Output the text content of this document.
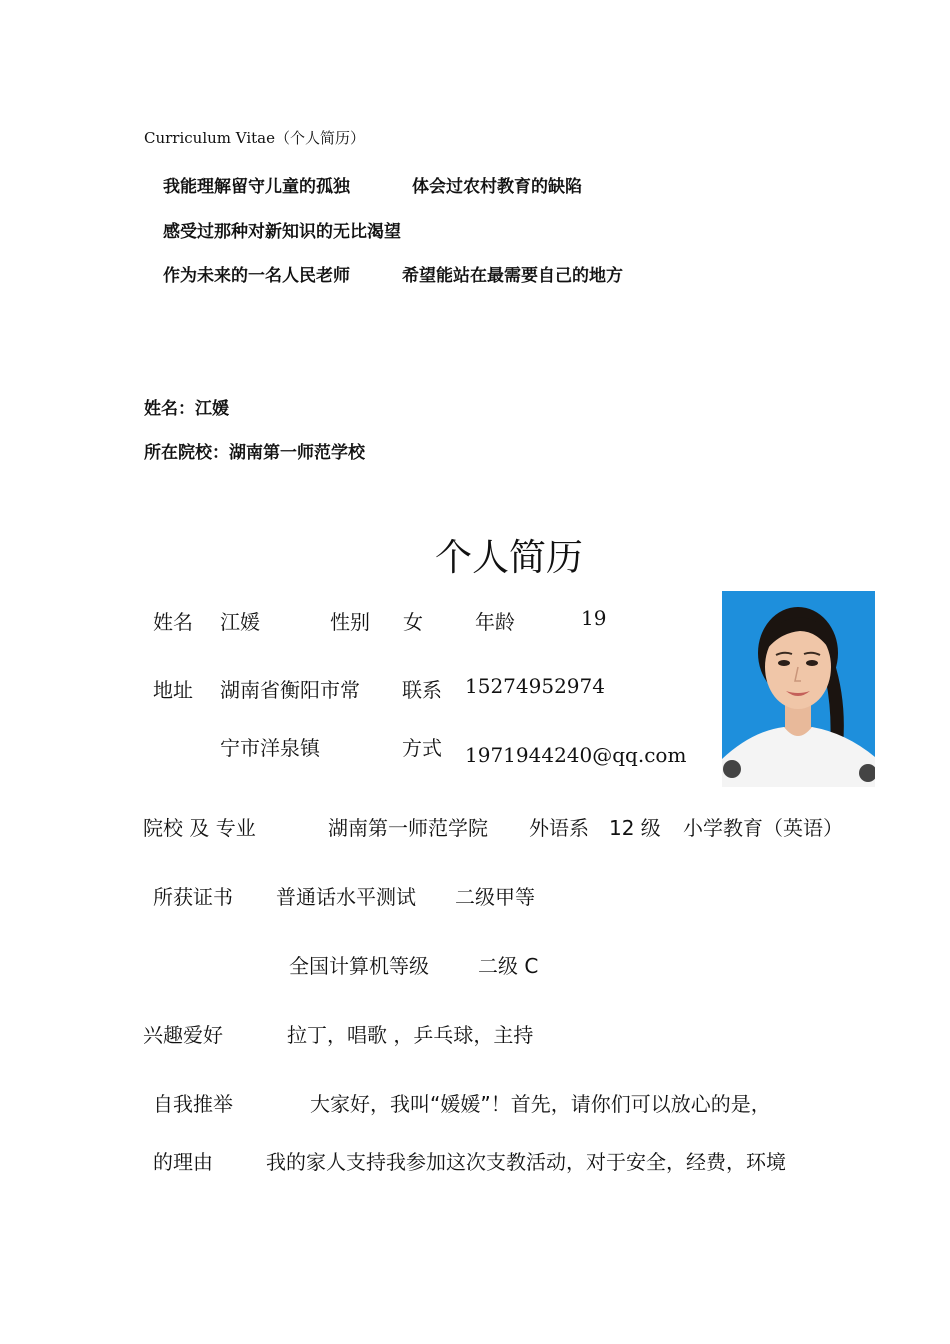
Curriculum Vitae（个人简历）
我能理解留守儿童的孤独	体会过农村教育的缺陷
感受过那种对新知识的无比渴望
作为未来的一名人民老师	希望能站在最需要自己的地方
姓名：江媛
所在院校：湖南第一师范学校
个人简历
姓名 江媛	性别 女	年龄	19
地址 湖南省衡阳市常 联系 15274952974
宁市洋泉镇	方式 1971944240@qq.com
院校 及 专业	湖南第一师范学院 外语系 12 级 小学教育（英语）
所获证书 普通话水平测试 二级甲等
全国计算机等级 二级 C
兴趣爱好	拉丁，唱歌 ，乒乓球，主持
自我推举	大家好，我叫“媛媛”！首先，请你们可以放心的是，
的理由	我的家人支持我参加这次支教活动，对于安全，经费，环境
